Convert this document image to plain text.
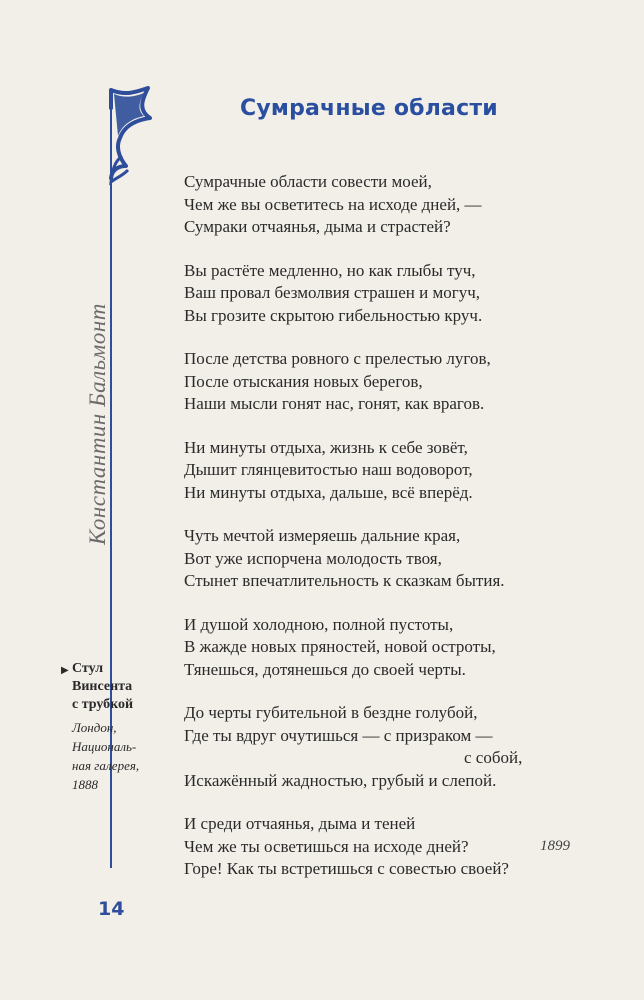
Константин Бальмонт
▶ Стул
Винсента
с трубкой
Лондон,
Националь-
ная галерея,
1888
14
Сумрачные области
Сумрачные области совести моей,
Чем же вы осветитесь на исходе дней, —
Сумраки отчаянья, дыма и страстей?
Вы растёте медленно, но как глыбы туч,
Ваш провал безмолвия страшен и могуч,
Вы грозите скрытою гибельностью круч.
После детства ровного с прелестью лугов,
После отыскания новых берегов,
Наши мысли гонят нас, гонят, как врагов.
Ни минуты отдыха, жизнь к себе зовёт,
Дышит глянцевитостью наш водоворот,
Ни минуты отдыха, дальше, всё вперёд.
Чуть мечтой измеряешь дальние края,
Вот уже испорчена молодость твоя,
Стынет впечатлительность к сказкам бытия.
И душой холодною, полной пустоты,
В жажде новых пряностей, новой остроты,
Тянешься, дотянешься до своей черты.
До черты губительной в бездне голубой,
Где ты вдруг очутишься — с призраком —
с собой,
Искажённый жадностью, грубый и слепой.
И среди отчаянья, дыма и теней
Чем же ты осветишься на исходе дней?
Горе! Как ты встретишься с совестью своей?
1899
